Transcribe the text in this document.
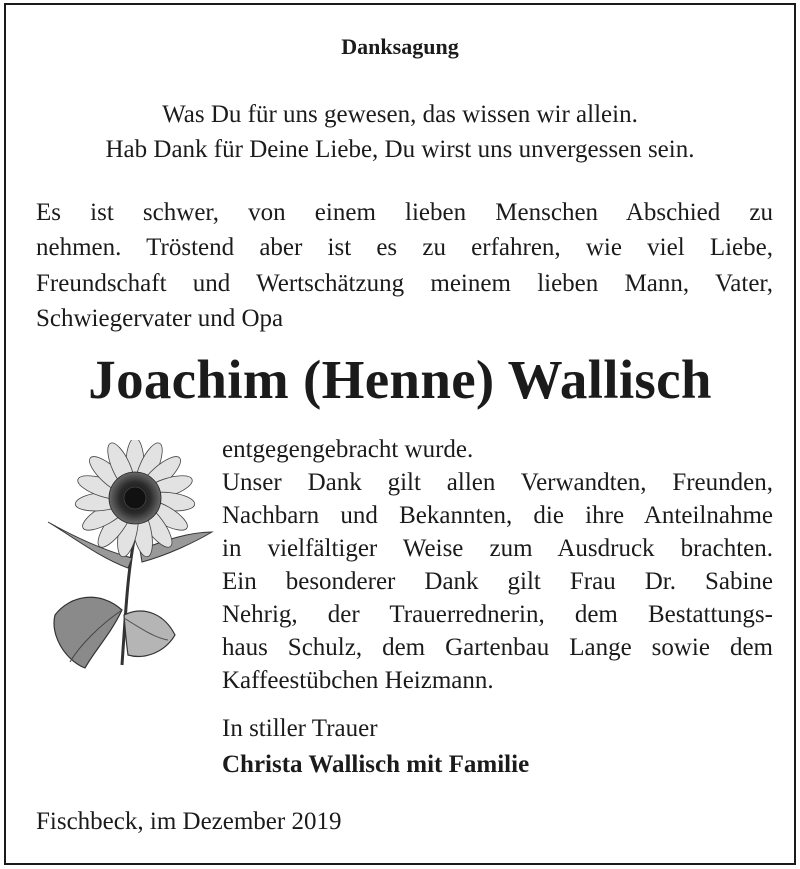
Danksagung
Was Du für uns gewesen, das wissen wir allein.
Hab Dank für Deine Liebe, Du wirst uns unvergessen sein.
Es ist schwer, von einem lieben Menschen Abschied zu
nehmen. Tröstend aber ist es zu erfahren, wie viel Liebe,
Freundschaft und Wertschätzung meinem lieben Mann, Vater,
Schwiegervater und Opa
Joachim (Henne) Wallisch
entgegengebracht wurde.
Unser Dank gilt allen Verwandten, Freunden,
Nachbarn und Bekannten, die ihre Anteilnahme
in vielfältiger Weise zum Ausdruck brachten.
Ein besonderer Dank gilt Frau Dr. Sabine
Nehrig, der Trauerrednerin, dem Bestattungs-
haus Schulz, dem Gartenbau Lange sowie dem
Kaffeestübchen Heizmann.
In stiller Trauer
Christa Wallisch mit Familie
Fischbeck, im Dezember 2019
